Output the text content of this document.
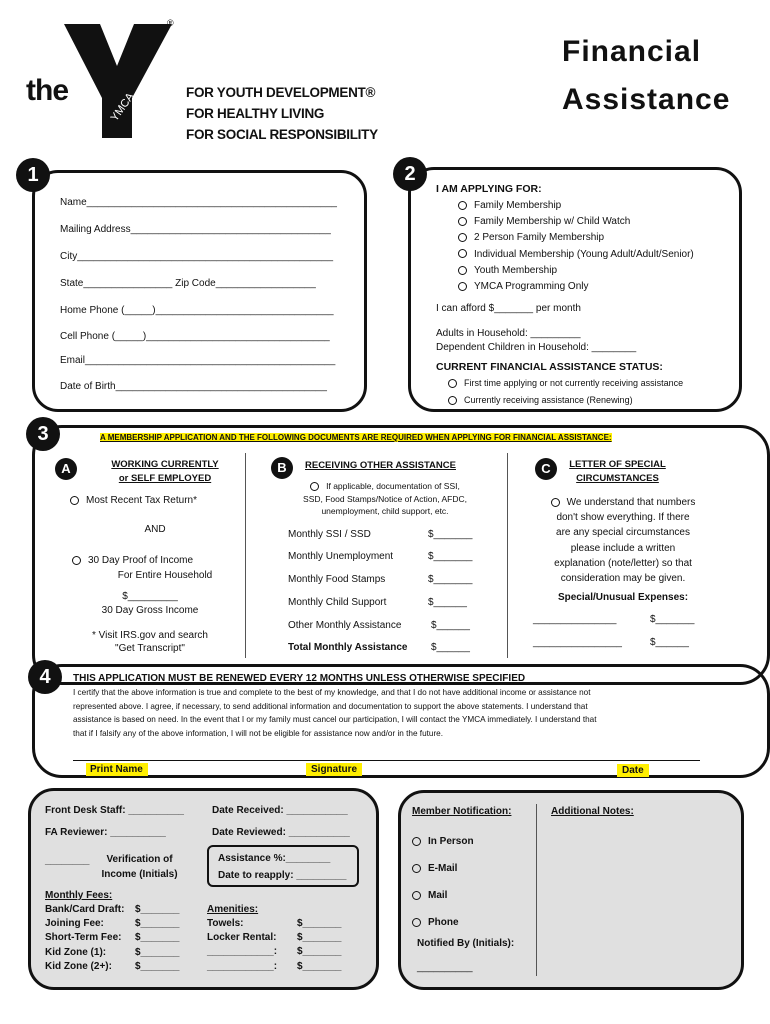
YMCA
the
®
FOR YOUTH DEVELOPMENT®
FOR HEALTHY LIVING
FOR SOCIAL RESPONSIBILITY
Financial
Assistance
1
Name_____________________________________________
Mailing Address____________________________________
City______________________________________________
State________________ Zip Code__________________
Home Phone (_____)________________________________
Cell Phone (_____)_________________________________
Email_____________________________________________
Date of Birth______________________________________
2
I AM APPLYING FOR:
Family Membership
Family Membership w/ Child Watch
2 Person Family Membership
Individual Membership (Young Adult/Adult/Senior)
Youth Membership
YMCA Programming Only
I can afford $_______ per month
Adults in Household: _________
Dependent Children in Household: ________
CURRENT FINANCIAL ASSISTANCE STATUS:
First time applying or not currently receiving assistance
Currently receiving assistance (Renewing)
3	A MEMBERSHIP APPLICATION AND THE FOLLOWING DOCUMENTS ARE REQUIRED WHEN APPLYING FOR FINANCIAL ASSISTANCE:
A	WORKING CURRENTLY
or SELF EMPLOYED
Most Recent Tax Return*
AND
30 Day Proof of Income
For Entire Household
$_________
30 Day Gross Income
* Visit IRS.gov and search
"Get Transcript"
B	RECEIVING OTHER ASSISTANCE
If applicable, documentation of SSI,
SSD, Food Stamps/Notice of Action, AFDC,
unemployment, child support, etc.
Monthly SSI / SSD	$_______
Monthly Unemployment	$_______
Monthly Food Stamps	$_______
Monthly Child Support	$______
Other Monthly Assistance	$______
Total Monthly Assistance $______
C	LETTER OF SPECIAL
CIRCUMSTANCES
We understand that numbers
don't show everything. If there
are any special circumstances
please include a written
explanation (note/letter) so that
consideration may be given.
Special/Unusual Expenses:
_______________	$_______
________________	$______
4	THIS APPLICATION MUST BE RENEWED EVERY 12 MONTHS UNLESS OTHERWISE SPECIFIED
I certify that the above information is true and complete to the best of my knowledge, and that I do not have additional income or assistance not
represented above. I agree, if necessary, to send additional information and documentation to support the above statements. I understand that
assistance is based on need. In the event that I or my family must cancel our participation, I will contact the YMCA immediately. I understand that
that if I falsify any of the above information, I will not be eligible for assistance now and/or in the future.
Print Name	Signature	Date
Front Desk Staff: __________
FA Reviewer: __________
Date Received: ___________
Date Reviewed: ___________
________	Verification of
Income (Initials)
Assistance %:________
Date to reapply: _________
Monthly Fees:
Bank/Card Draft: $_______
Joining Fee:	$_______
Short-Term Fee: $_______
Kid Zone (1):	$_______
Kid Zone (2+): $_______
Amenities:
Towels:	$_______
Locker Rental: $_______
____________: $_______
____________: $_______
Member Notification:	Additional Notes:
In Person
E-Mail
Mail
Phone
Notified By (Initials):
__________
